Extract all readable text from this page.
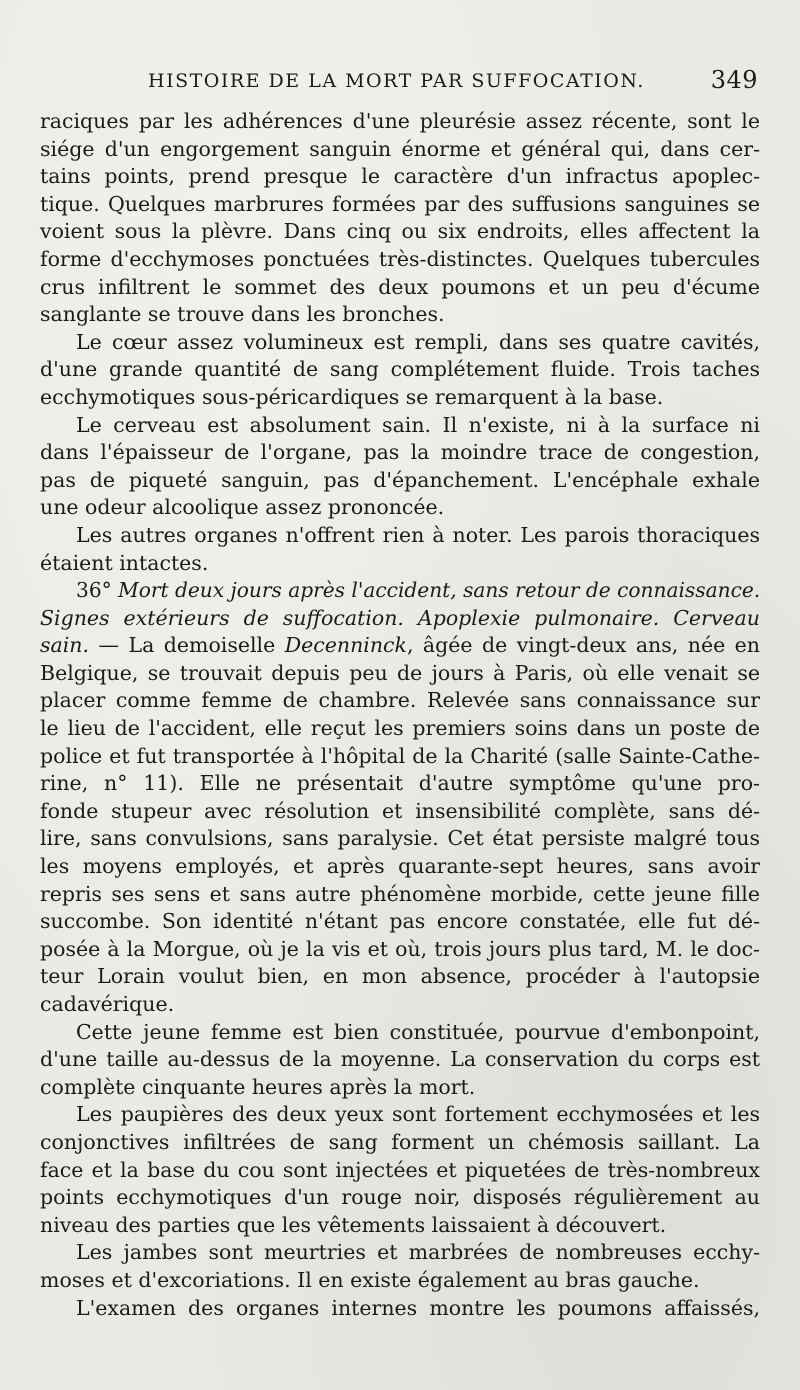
HISTOIRE DE LA MORT PAR SUFFOCATION.	349
raciques par les adhérences d'une pleurésie assez récente, sont le
siége d'un engorgement sanguin énorme et général qui, dans cer-
tains points, prend presque le caractère d'un infractus apoplec-
tique. Quelques marbrures formées par des suffusions sanguines se
voient sous la plèvre. Dans cinq ou six endroits, elles affectent la
forme d'ecchymoses ponctuées très-distinctes. Quelques tubercules
crus infiltrent le sommet des deux poumons et un peu d'écume
sanglante se trouve dans les bronches.
Le cœur assez volumineux est rempli, dans ses quatre cavités,
d'une grande quantité de sang complétement fluide. Trois taches
ecchymotiques sous-péricardiques se remarquent à la base.
Le cerveau est absolument sain. Il n'existe, ni à la surface ni
dans l'épaisseur de l'organe, pas la moindre trace de congestion,
pas de piqueté sanguin, pas d'épanchement. L'encéphale exhale
une odeur alcoolique assez prononcée.
Les autres organes n'offrent rien à noter. Les parois thoraciques
étaient intactes.
36° Mort deux jours après l'accident, sans retour de connaissance.
Signes extérieurs de suffocation. Apoplexie pulmonaire. Cerveau
sain. — La demoiselle Decenninck, âgée de vingt-deux ans, née en
Belgique, se trouvait depuis peu de jours à Paris, où elle venait se
placer comme femme de chambre. Relevée sans connaissance sur
le lieu de l'accident, elle reçut les premiers soins dans un poste de
police et fut transportée à l'hôpital de la Charité (salle Sainte-Cathe-
rine, n° 11). Elle ne présentait d'autre symptôme qu'une pro-
fonde stupeur avec résolution et insensibilité complète, sans dé-
lire, sans convulsions, sans paralysie. Cet état persiste malgré tous
les moyens employés, et après quarante-sept heures, sans avoir
repris ses sens et sans autre phénomène morbide, cette jeune fille
succombe. Son identité n'étant pas encore constatée, elle fut dé-
posée à la Morgue, où je la vis et où, trois jours plus tard, M. le doc-
teur Lorain voulut bien, en mon absence, procéder à l'autopsie
cadavérique.
Cette jeune femme est bien constituée, pourvue d'embonpoint,
d'une taille au-dessus de la moyenne. La conservation du corps est
complète cinquante heures après la mort.
Les paupières des deux yeux sont fortement ecchymosées et les
conjonctives infiltrées de sang forment un chémosis saillant. La
face et la base du cou sont injectées et piquetées de très-nombreux
points ecchymotiques d'un rouge noir, disposés régulièrement au
niveau des parties que les vêtements laissaient à découvert.
Les jambes sont meurtries et marbrées de nombreuses ecchy-
moses et d'excoriations. Il en existe également au bras gauche.
L'examen des organes internes montre les poumons affaissés,
